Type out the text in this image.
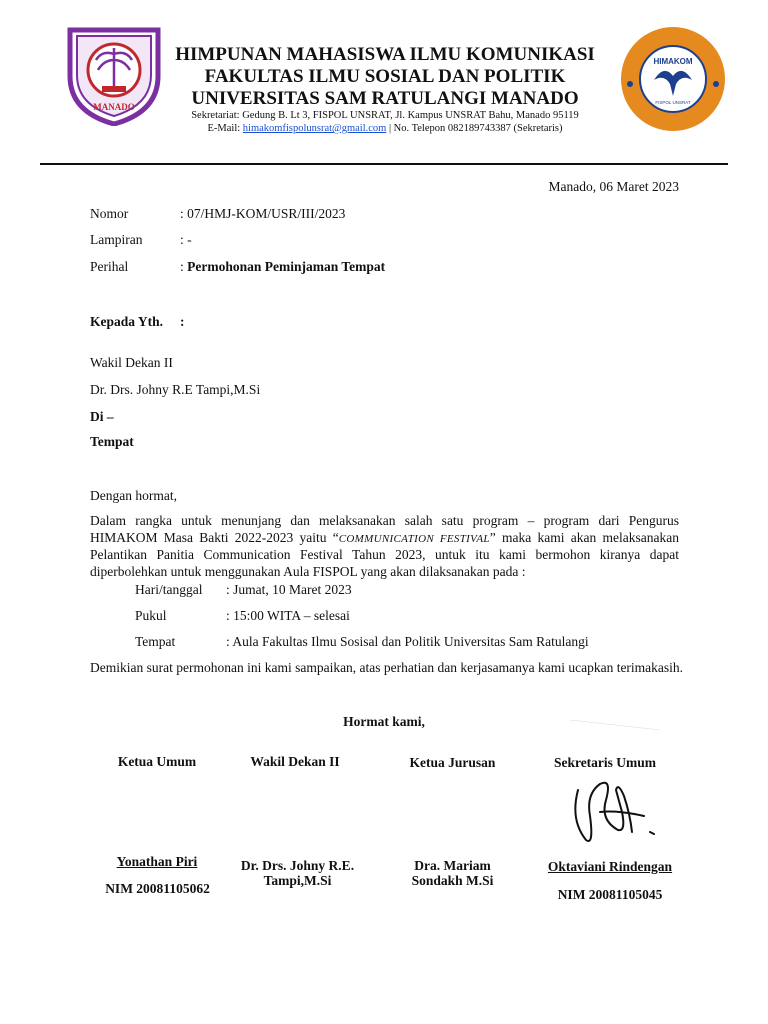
MANADO
HIMPUNAN MAHASISWA ILMU KOMUNIKASI
FAKULTAS ILMU SOSIAL DAN POLITIK
UNIVERSITAS SAM RATULANGI MANADO
Sekretariat: Gedung B. Lt 3, FISPOL UNSRAT, Jl. Kampus UNSRAT Bahu, Manado 95119
E-Mail: himakomfispolunsrat@gmail.com | No. Telepon 082189743387 (Sekretaris)
HIMAKOM
FISPOL UNSRAT
Manado, 06 Maret 2023
Nomor	: 07/HMJ-KOM/USR/III/2023
Lampiran	: -
Perihal	: Permohonan Peminjaman Tempat
Kepada Yth. :
Wakil Dekan II
Dr. Drs. Johny R.E Tampi,M.Si
Di –
Tempat
Dengan hormat,
Dalam rangka untuk menunjang dan melaksanakan salah satu program – program dari Pengurus HIMAKOM Masa Bakti 2022-2023 yaitu “COMMUNICATION FESTIVAL” maka kami akan melaksanakan Pelantikan Panitia Communication Festival Tahun 2023, untuk itu kami bermohon kiranya dapat diperbolehkan untuk menggunakan Aula FISPOL yang akan dilaksanakan pada :
Hari/tanggal : Jumat, 10 Maret 2023
Pukul	: 15:00 WITA – selesai
Tempat	: Aula Fakultas Ilmu Sosisal dan Politik Universitas Sam Ratulangi
Demikian surat permohonan ini kami sampaikan, atas perhatian dan kerjasamanya kami ucapkan terimakasih.
Hormat kami,
Ketua Umum
Yonathan Piri
NIM 20081105062
Wakil Dekan II
Dr. Drs. Johny R.E.
Tampi,M.Si
Ketua Jurusan
Dra. Mariam
Sondakh M.Si
Sekretaris Umum
Oktaviani Rindengan
NIM 20081105045
